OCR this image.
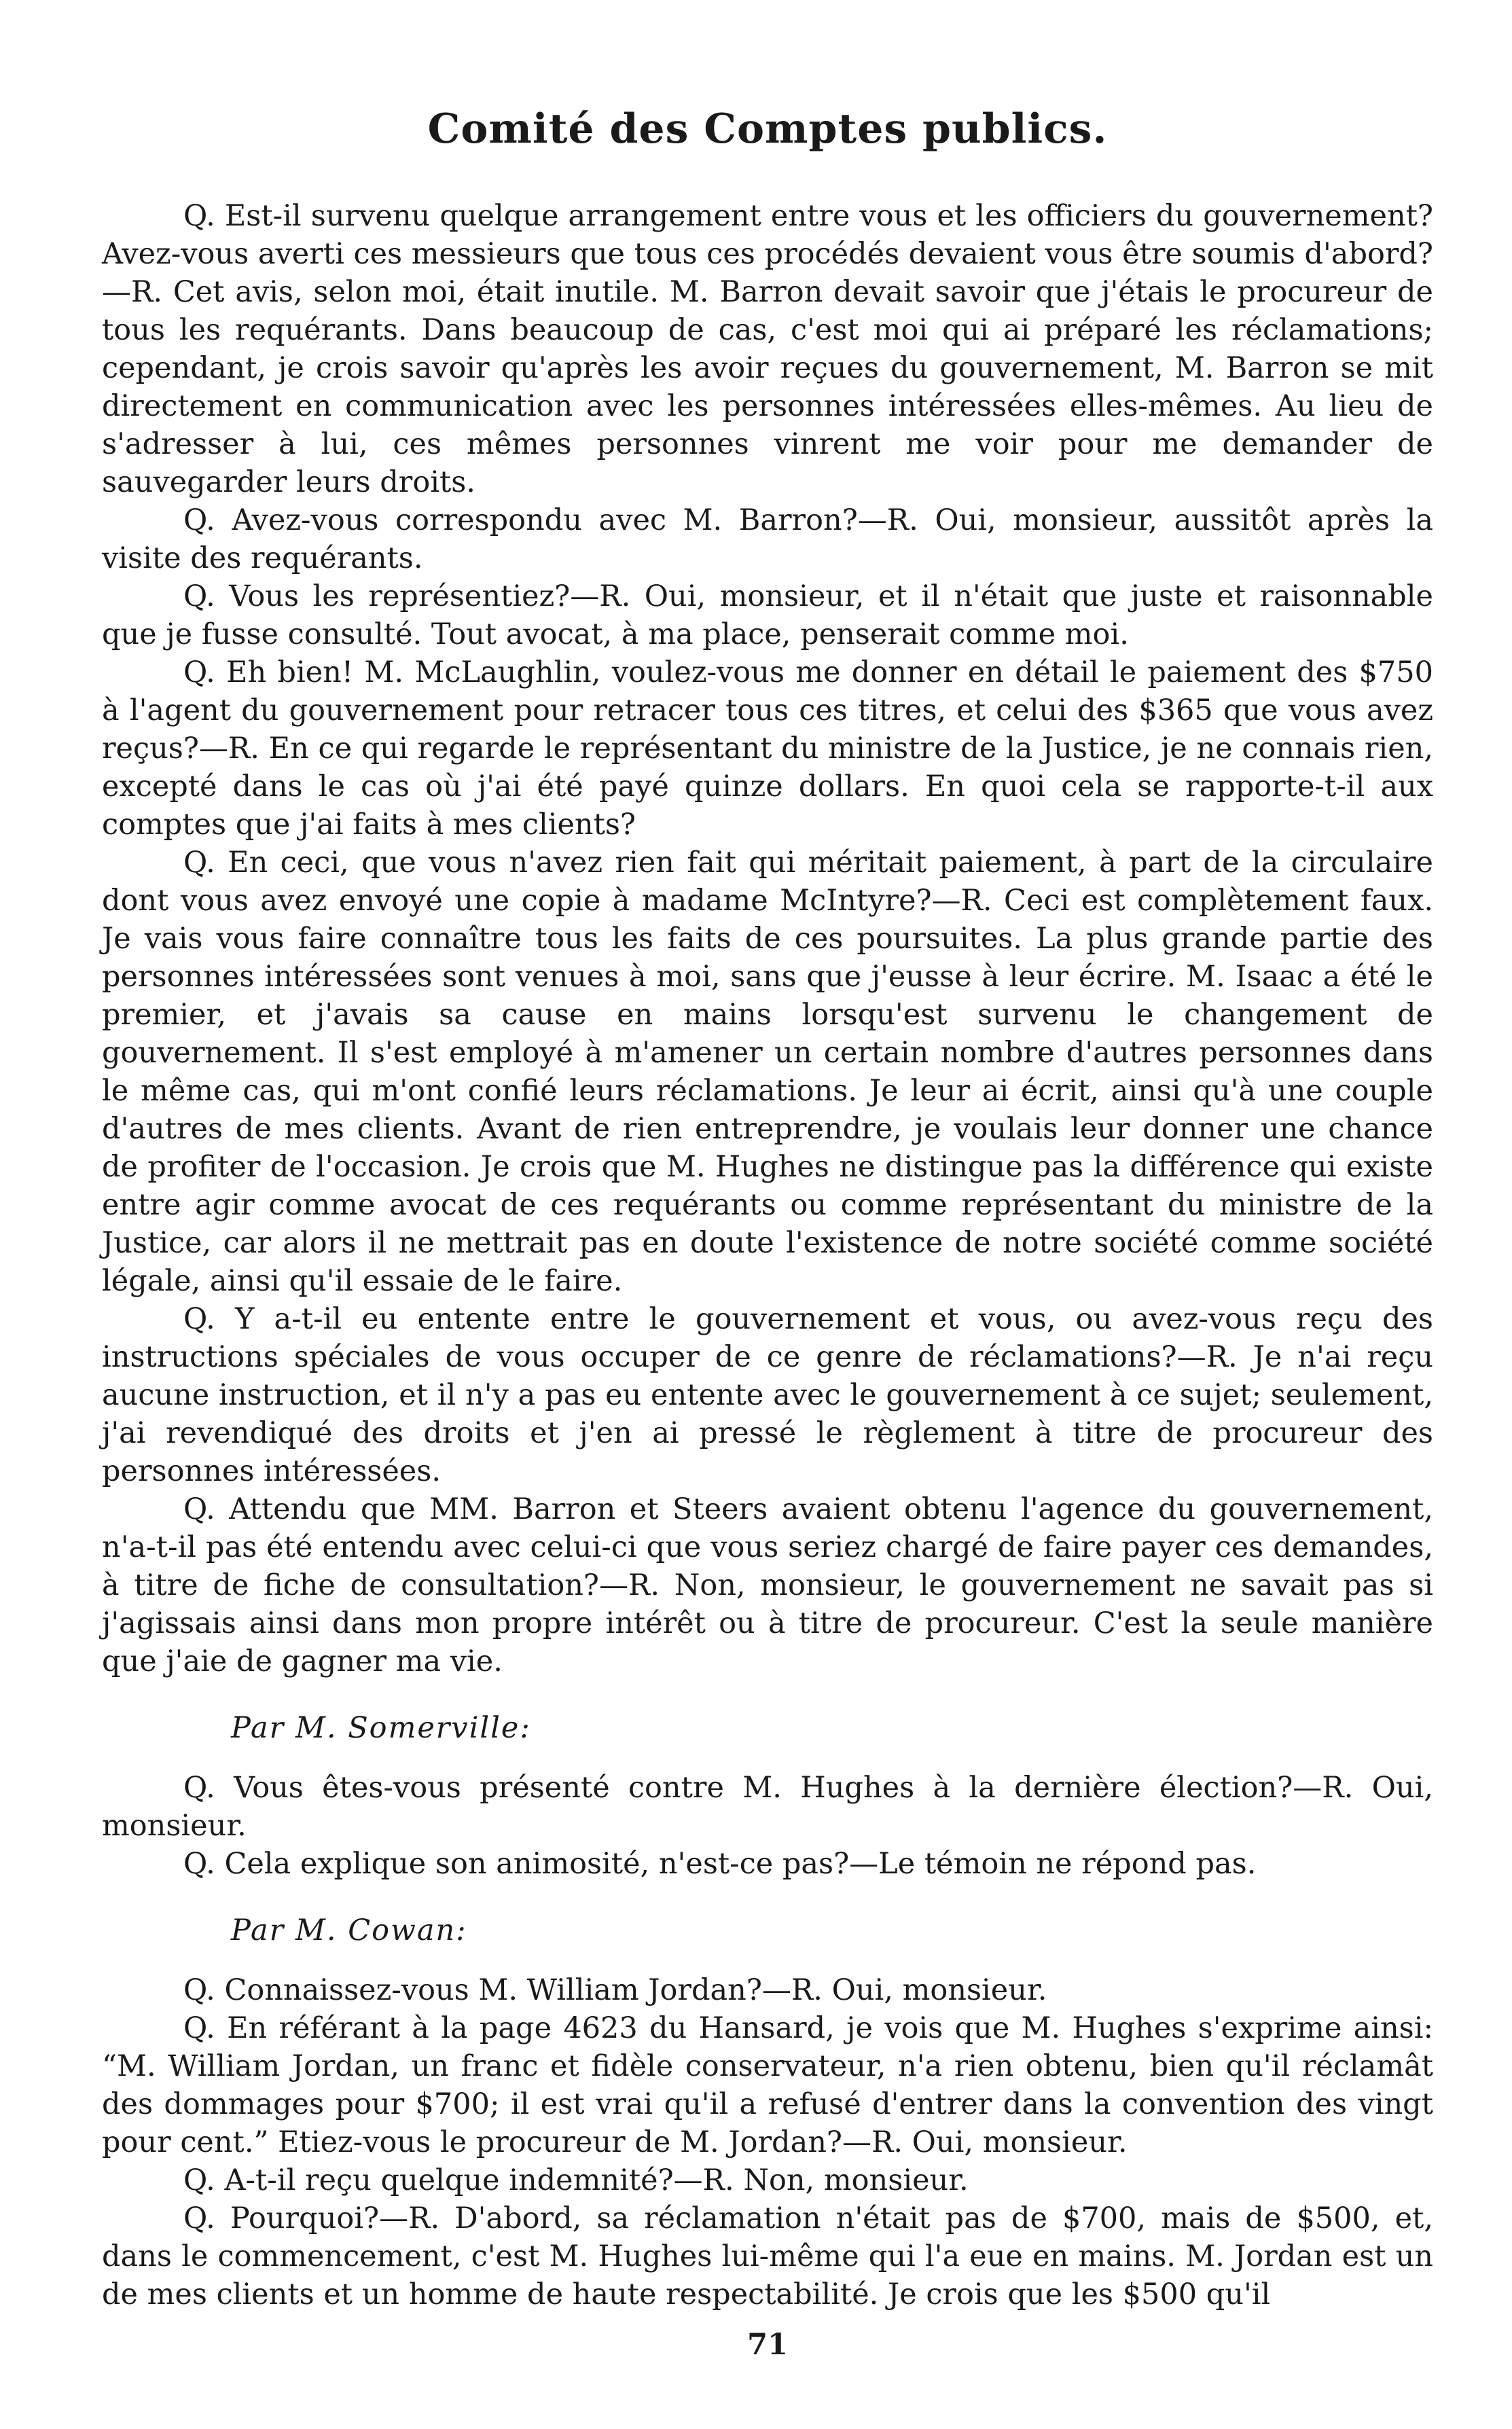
Comité des Comptes publics.

Q. Est-il survenu quelque arrangement entre vous et les officiers du gouvernement? Avez-vous averti ces messieurs que tous ces procédés devaient vous être soumis d'abord?—R. Cet avis, selon moi, était inutile. M. Barron devait savoir que j'étais le procureur de tous les requérants. Dans beaucoup de cas, c'est moi qui ai préparé les réclamations; cependant, je crois savoir qu'après les avoir reçues du gouvernement, M. Barron se mit directement en communication avec les personnes intéressées elles-mêmes. Au lieu de s'adresser à lui, ces mêmes personnes vinrent me voir pour me demander de sauvegarder leurs droits.

Q. Avez-vous correspondu avec M. Barron?—R. Oui, monsieur, aussitôt après la visite des requérants.

Q. Vous les représentiez?—R. Oui, monsieur, et il n'était que juste et raisonnable que je fusse consulté. Tout avocat, à ma place, penserait comme moi.

Q. Eh bien! M. McLaughlin, voulez-vous me donner en détail le paiement des $750 à l'agent du gouvernement pour retracer tous ces titres, et celui des $365 que vous avez reçus?—R. En ce qui regarde le représentant du ministre de la Justice, je ne connais rien, excepté dans le cas où j'ai été payé quinze dollars. En quoi cela se rapporte-t-il aux comptes que j'ai faits à mes clients?

Q. En ceci, que vous n'avez rien fait qui méritait paiement, à part de la circulaire dont vous avez envoyé une copie à madame McIntyre?—R. Ceci est complètement faux. Je vais vous faire connaître tous les faits de ces poursuites. La plus grande partie des personnes intéressées sont venues à moi, sans que j'eusse à leur écrire. M. Isaac a été le premier, et j'avais sa cause en mains lorsqu'est survenu le changement de gouvernement. Il s'est employé à m'amener un certain nombre d'autres personnes dans le même cas, qui m'ont confié leurs réclamations. Je leur ai écrit, ainsi qu'à une couple d'autres de mes clients. Avant de rien entreprendre, je voulais leur donner une chance de profiter de l'occasion. Je crois que M. Hughes ne distingue pas la différence qui existe entre agir comme avocat de ces requérants ou comme représentant du ministre de la Justice, car alors il ne mettrait pas en doute l'existence de notre société comme société légale, ainsi qu'il essaie de le faire.

Q. Y a-t-il eu entente entre le gouvernement et vous, ou avez-vous reçu des instructions spéciales de vous occuper de ce genre de réclamations?—R. Je n'ai reçu aucune instruction, et il n'y a pas eu entente avec le gouvernement à ce sujet; seulement, j'ai revendiqué des droits et j'en ai pressé le règlement à titre de procureur des personnes intéressées.

Q. Attendu que MM. Barron et Steers avaient obtenu l'agence du gouvernement, n'a-t-il pas été entendu avec celui-ci que vous seriez chargé de faire payer ces demandes, à titre de fiche de consultation?—R. Non, monsieur, le gouvernement ne savait pas si j'agissais ainsi dans mon propre intérêt ou à titre de procureur. C'est la seule manière que j'aie de gagner ma vie.

Par M. Somerville:

Q. Vous êtes-vous présenté contre M. Hughes à la dernière élection?—R. Oui, monsieur.

Q. Cela explique son animosité, n'est-ce pas?—Le témoin ne répond pas.

Par M. Cowan:

Q. Connaissez-vous M. William Jordan?—R. Oui, monsieur.

Q. En référant à la page 4623 du Hansard, je vois que M. Hughes s'exprime ainsi: “M. William Jordan, un franc et fidèle conservateur, n'a rien obtenu, bien qu'il réclamât des dommages pour $700; il est vrai qu'il a refusé d'entrer dans la convention des vingt pour cent.” Etiez-vous le procureur de M. Jordan?—R. Oui, monsieur.

Q. A-t-il reçu quelque indemnité?—R. Non, monsieur.

Q. Pourquoi?—R. D'abord, sa réclamation n'était pas de $700, mais de $500, et, dans le commencement, c'est M. Hughes lui-même qui l'a eue en mains. M. Jordan est un de mes clients et un homme de haute respectabilité. Je crois que les $500 qu'il

71
